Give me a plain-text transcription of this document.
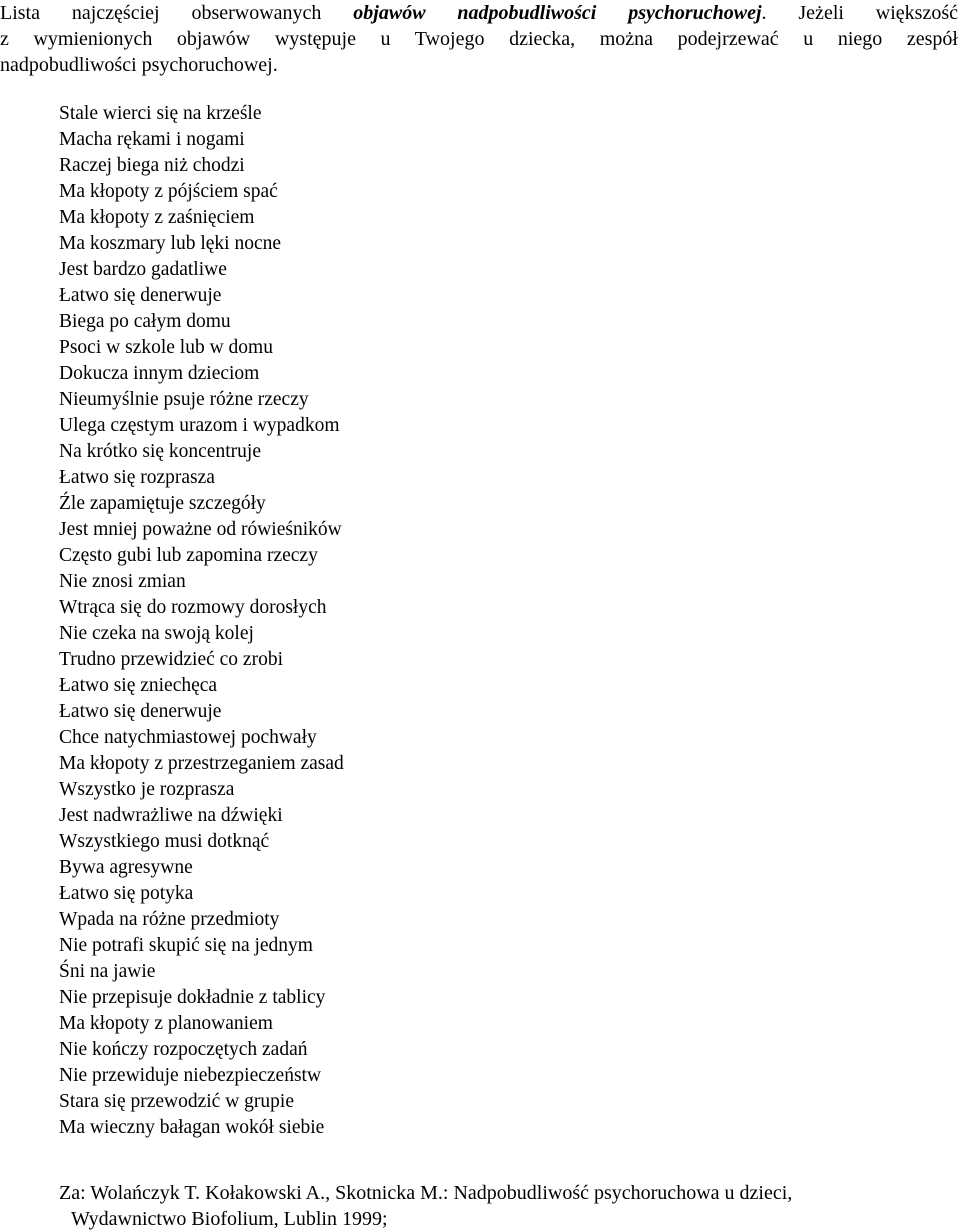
Lista najczęściej obserwowanych objawów nadpobudliwości psychoruchowej. Jeżeli większość
z wymienionych objawów występuje u Twojego dziecka, można podejrzewać u niego zespół
nadpobudliwości psychoruchowej.
Stale wierci się na krześle
Macha rękami i nogami
Raczej biega niż chodzi
Ma kłopoty z pójściem spać
Ma kłopoty z zaśnięciem
Ma koszmary lub lęki nocne
Jest bardzo gadatliwe
Łatwo się denerwuje
Biega po całym domu
Psoci w szkole lub w domu
Dokucza innym dzieciom
Nieumyślnie psuje różne rzeczy
Ulega częstym urazom i wypadkom
Na krótko się koncentruje
Łatwo się rozprasza
Źle zapamiętuje szczegóły
Jest mniej poważne od rówieśników
Często gubi lub zapomina rzeczy
Nie znosi zmian
Wtrąca się do rozmowy dorosłych
Nie czeka na swoją kolej
Trudno przewidzieć co zrobi
Łatwo się zniechęca
Łatwo się denerwuje
Chce natychmiastowej pochwały
Ma kłopoty z przestrzeganiem zasad
Wszystko je rozprasza
Jest nadwrażliwe na dźwięki
Wszystkiego musi dotknąć
Bywa agresywne
Łatwo się potyka
Wpada na różne przedmioty
Nie potrafi skupić się na jednym
Śni na jawie
Nie przepisuje dokładnie z tablicy
Ma kłopoty z planowaniem
Nie kończy rozpoczętych zadań
Nie przewiduje niebezpieczeństw
Stara się przewodzić w grupie
Ma wieczny bałagan wokół siebie
Za: Wolańczyk T. Kołakowski A., Skotnicka M.: Nadpobudliwość psychoruchowa u dzieci,
Wydawnictwo Biofolium, Lublin 1999;
